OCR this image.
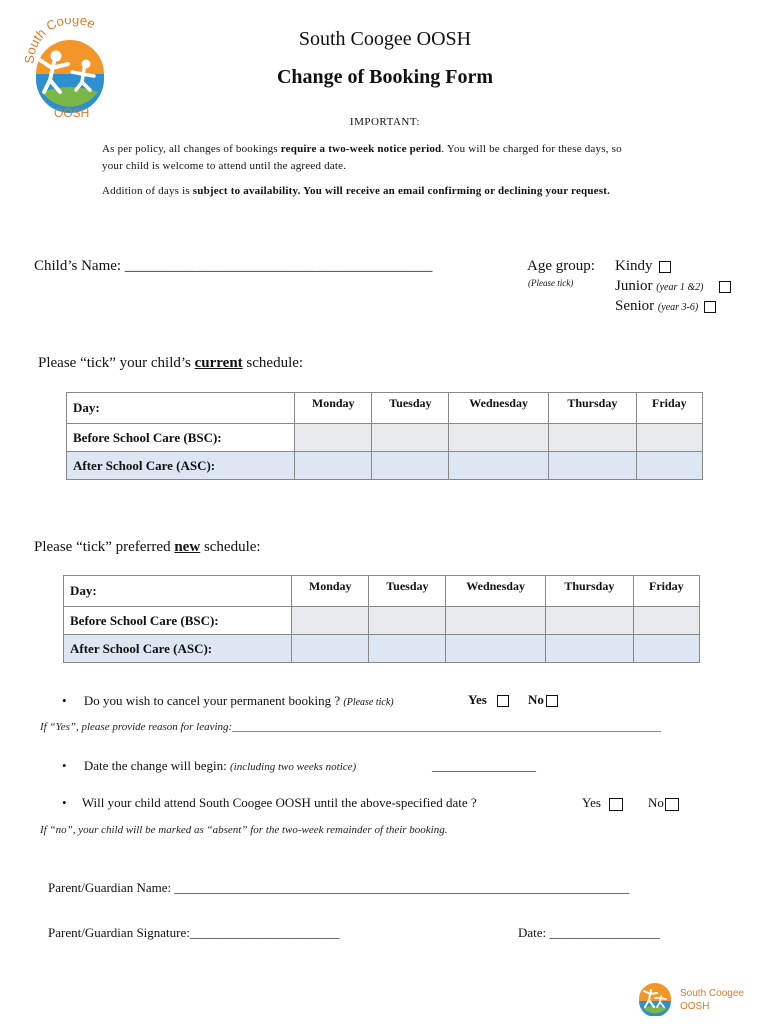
outh Coogee
OOSH
South Coogee OOSH
Change of Booking Form
IMPORTANT:
As per policy, all changes of bookings require a two-week notice period. You will be charged for these days, so
your child is welcome to attend until the agreed date.
Addition of days is subject to availability. You will receive an email confirming or declining your request.
Child’s Name: _________________________________________	Age group:
(Please tick)
Kindy
Junior (year 1 &2)
Senior (year 3-6)
Please “tick” your child’s current schedule:
Day:	Monday	Tuesday	Wednesday	Thursday	Friday
Before School Care (BSC):					
After School Care (ASC):					
Please “tick” preferred new schedule:
Day:	Monday	Tuesday	Wednesday	Thursday	Friday
Before School Care (BSC):					
After School Care (ASC):					
• Do you wish to cancel your permanent booking ? (Please tick)	Yes	No
If “Yes”, please provide reason for leaving:______________________________________________________________________________
• Date the change will begin: (including two weeks notice)	________________
• Will your child attend South Coogee OOSH until the above-specified date ?	Yes	No
If “no”, your child will be marked as “absent” for the two-week remainder of their booking.
Parent/Guardian Name: ______________________________________________________________________
Parent/Guardian Signature:_______________________	Date: _________________
South Coogee
OOSH
